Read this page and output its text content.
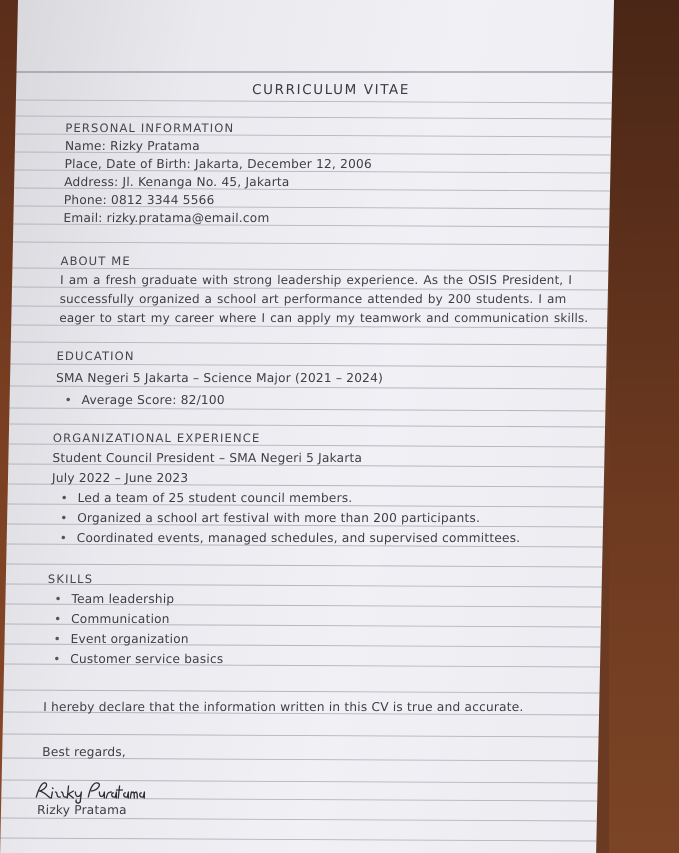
CURRICULUM VITAE
PERSONAL INFORMATION
Name: Rizky Pratama
Place, Date of Birth: Jakarta, December 12, 2006
Address: Jl. Kenanga No. 45, Jakarta
Phone: 0812 3344 5566
Email: rizky.pratama@email.com
ABOUT ME
I am a fresh graduate with strong leadership experience. As the OSIS President, I
successfully organized a school art performance attended by 200 students. I am
eager to start my career where I can apply my teamwork and communication skills.
EDUCATION
SMA Negeri 5 Jakarta – Science Major (2021 – 2024)
• Average Score: 82/100
ORGANIZATIONAL EXPERIENCE
Student Council President – SMA Negeri 5 Jakarta
July 2022 – June 2023
• Led a team of 25 student council members.
• Organized a school art festival with more than 200 participants.
• Coordinated events, managed schedules, and supervised committees.
SKILLS
• Team leadership
• Communication
• Event organization
• Customer service basics
I hereby declare that the information written in this CV is true and accurate.
Best regards,
Rizky Pratama
